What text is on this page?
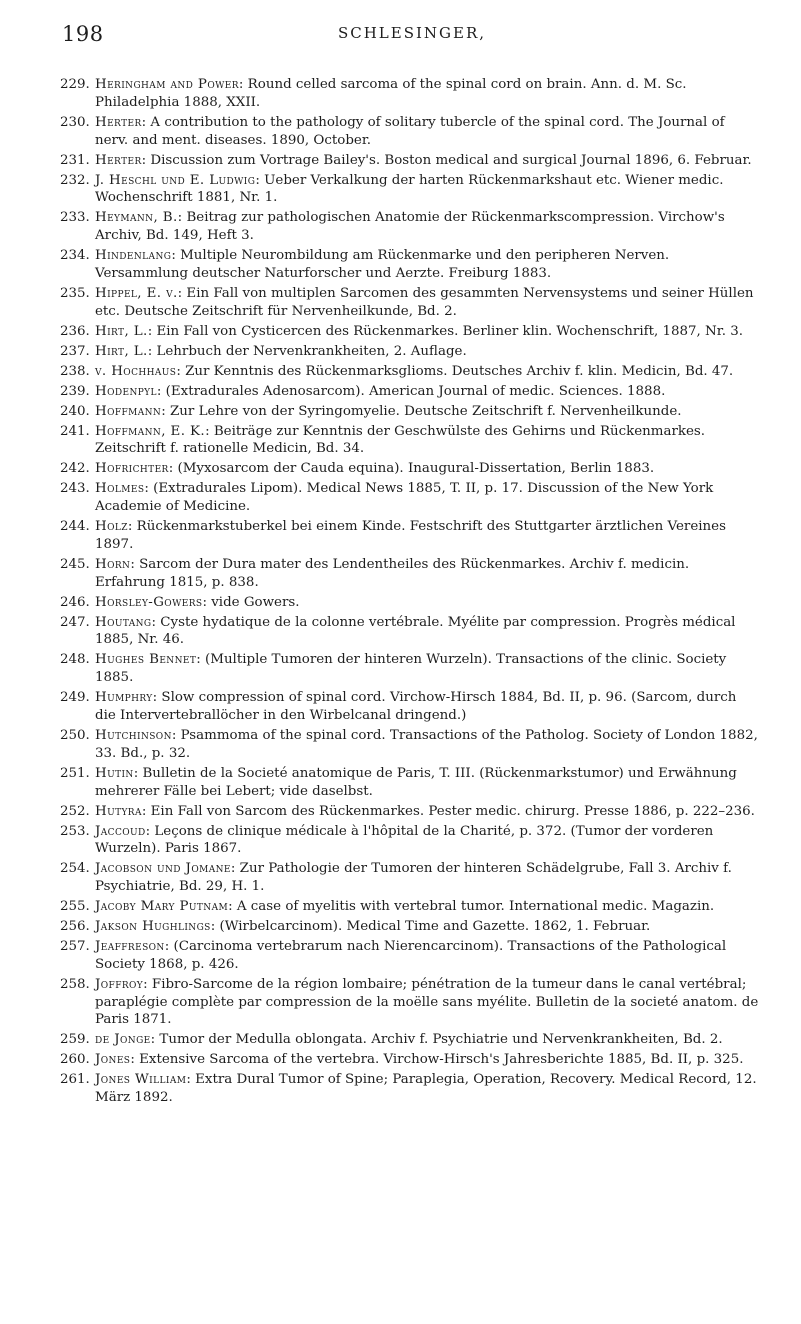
198	SCHLESINGER,
229. Heringham and Power: Round celled sarcoma of the spinal cord on brain. Ann. d. M. Sc. Philadelphia 1888, XXII.
230. Herter: A contribution to the pathology of solitary tubercle of the spinal cord. The Journal of nerv. and ment. diseases. 1890, October.
231. Herter: Discussion zum Vortrage Bailey's. Boston medical and surgical Journal 1896, 6. Februar.
232. J. Heschl und E. Ludwig: Ueber Verkalkung der harten Rückenmarkshaut etc. Wiener medic. Wochenschrift 1881, Nr. 1.
233. Heymann, B.: Beitrag zur pathologischen Anatomie der Rückenmarkscompression. Virchow's Archiv, Bd. 149, Heft 3.
234. Hindenlang: Multiple Neurombildung am Rückenmarke und den peripheren Nerven. Versammlung deutscher Naturforscher und Aerzte. Freiburg 1883.
235. Hippel, E. v.: Ein Fall von multiplen Sarcomen des gesammten Nervensystems und seiner Hüllen etc. Deutsche Zeitschrift für Nervenheilkunde, Bd. 2.
236. Hirt, L.: Ein Fall von Cysticercen des Rückenmarkes. Berliner klin. Wochenschrift, 1887, Nr. 3.
237. Hirt, L.: Lehrbuch der Nervenkrankheiten, 2. Auflage.
238. v. Hochhaus: Zur Kenntnis des Rückenmarksglioms. Deutsches Archiv f. klin. Medicin, Bd. 47.
239. Hodenpyl: (Extradurales Adenosarcom). American Journal of medic. Sciences. 1888.
240. Hoffmann: Zur Lehre von der Syringomyelie. Deutsche Zeitschrift f. Nervenheilkunde.
241. Hoffmann, E. K.: Beiträge zur Kenntnis der Geschwülste des Gehirns und Rückenmarkes. Zeitschrift f. rationelle Medicin, Bd. 34.
242. Hofrichter: (Myxosarcom der Cauda equina). Inaugural-Dissertation, Berlin 1883.
243. Holmes: (Extradurales Lipom). Medical News 1885, T. II, p. 17. Discussion of the New York Academie of Medicine.
244. Holz: Rückenmarkstuberkel bei einem Kinde. Festschrift des Stuttgarter ärztlichen Vereines 1897.
245. Horn: Sarcom der Dura mater des Lendentheiles des Rückenmarkes. Archiv f. medicin. Erfahrung 1815, p. 838.
246. Horsley-Gowers: vide Gowers.
247. Houtang: Cyste hydatique de la colonne vertébrale. Myélite par compression. Progrès médical 1885, Nr. 46.
248. Hughes Bennet: (Multiple Tumoren der hinteren Wurzeln). Transactions of the clinic. Society 1885.
249. Humphry: Slow compression of spinal cord. Virchow-Hirsch 1884, Bd. II, p. 96. (Sarcom, durch die Intervertebrallöcher in den Wirbelcanal dringend.)
250. Hutchinson: Psammoma of the spinal cord. Transactions of the Patholog. Society of London 1882, 33. Bd., p. 32.
251. Hutin: Bulletin de la Societé anatomique de Paris, T. III. (Rückenmarkstumor) und Erwähnung mehrerer Fälle bei Lebert; vide daselbst.
252. Hutyra: Ein Fall von Sarcom des Rückenmarkes. Pester medic. chirurg. Presse 1886, p. 222–236.
253. Jaccoud: Leçons de clinique médicale à l'hôpital de la Charité, p. 372. (Tumor der vorderen Wurzeln). Paris 1867.
254. Jacobson und Jomane: Zur Pathologie der Tumoren der hinteren Schädelgrube, Fall 3. Archiv f. Psychiatrie, Bd. 29, H. 1.
255. Jacoby Mary Putnam: A case of myelitis with vertebral tumor. International medic. Magazin.
256. Jakson Hughlings: (Wirbelcarcinom). Medical Time and Gazette. 1862, 1. Februar.
257. Jeaffreson: (Carcinoma vertebrarum nach Nierencarcinom). Transactions of the Pathological Society 1868, p. 426.
258. Joffroy: Fibro-Sarcome de la région lombaire; pénétration de la tumeur dans le canal vertébral; paraplégie complète par compression de la moëlle sans myélite. Bulletin de la societé anatom. de Paris 1871.
259. de Jonge: Tumor der Medulla oblongata. Archiv f. Psychiatrie und Nervenkrankheiten, Bd. 2.
260. Jones: Extensive Sarcoma of the vertebra. Virchow-Hirsch's Jahresberichte 1885, Bd. II, p. 325.
261. Jones William: Extra Dural Tumor of Spine; Paraplegia, Operation, Recovery. Medical Record, 12. März 1892.
